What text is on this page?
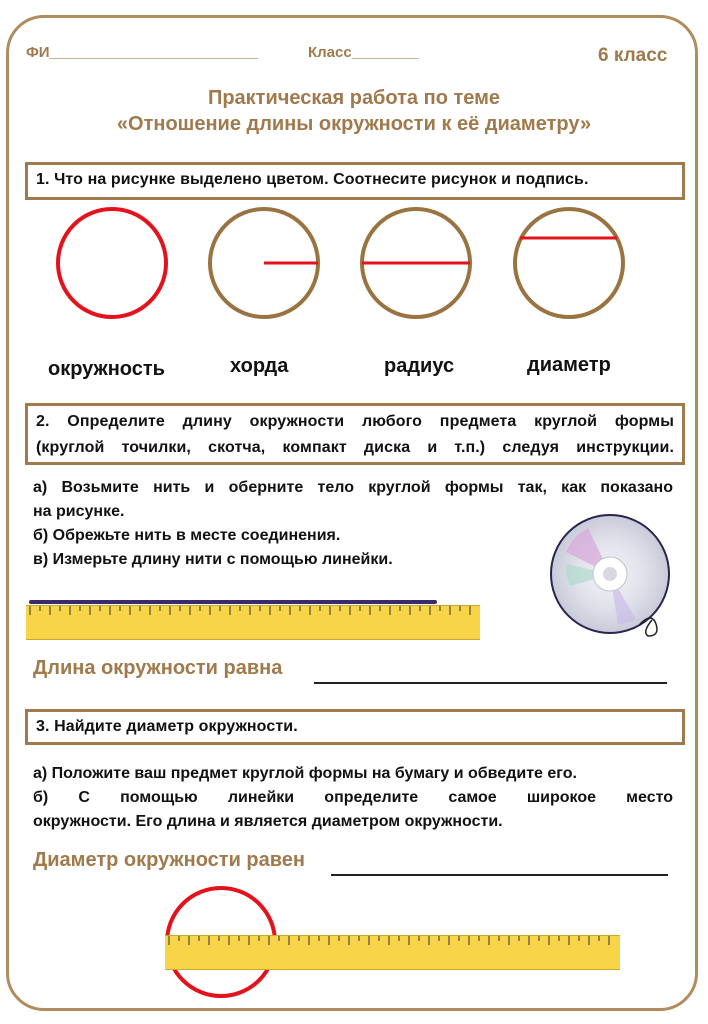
ФИ_________________________	Класс________	6 класс
Практическая работа по теме
«Отношение длины окружности к её диаметру»
1. Что на рисунке выделено цветом. Соотнесите рисунок и подпись.
окружность	хорда	радиус	диаметр
2. Определите длину окружности любого предмета круглой формы
(круглой точилки, скотча, компакт диска и т.п.) следуя инструкции.
а) Возьмите нить и оберните тело круглой формы так, как показано
на рисунке.
б) Обрежьте нить в месте соединения.
в) Измерьте длину нити с помощью линейки.
Длина окружности равна
3. Найдите диаметр окружности.
а) Положите ваш предмет круглой формы на бумагу и обведите его.
б) С помощью линейки определите самое широкое место
окружности. Его длина и является диаметром окружности.
Диаметр окружности равен
